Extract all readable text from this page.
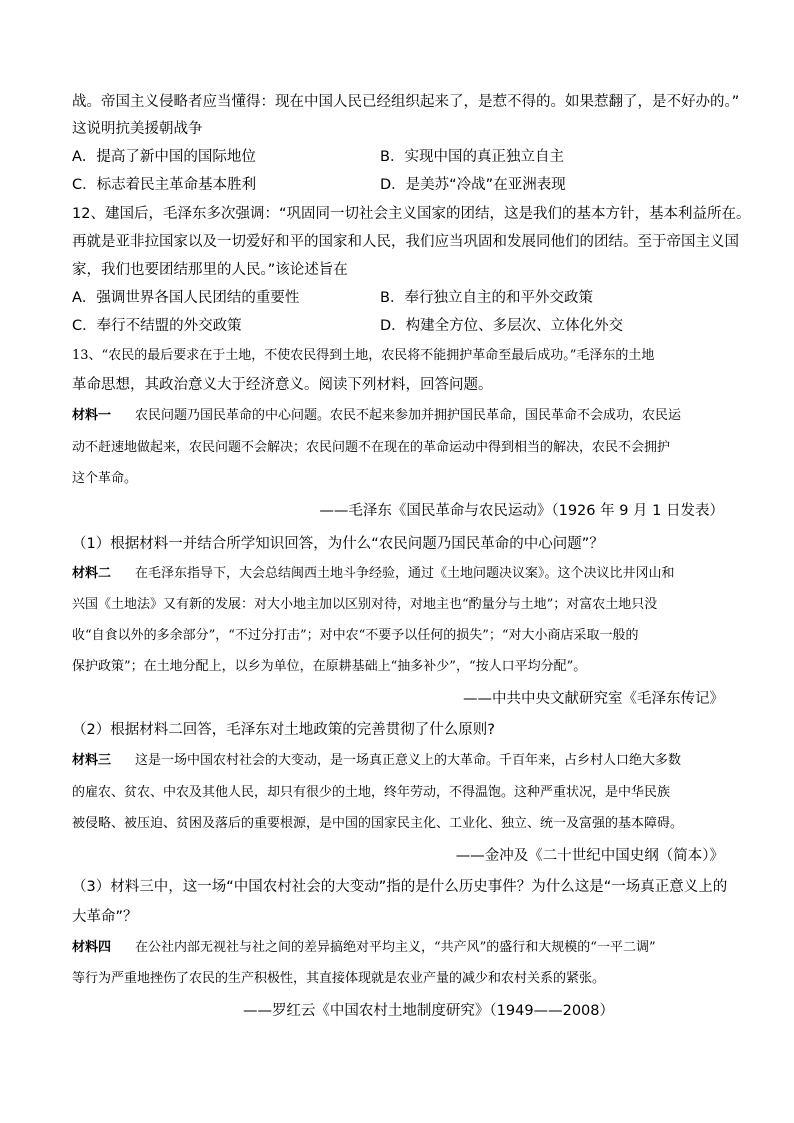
战。帝国主义侵略者应当懂得：现在中国人民已经组织起来了，是惹不得的。如果惹翻了，是不好办的。”
这说明抗美援朝战争
A．提高了新中国的国际地位	B．实现中国的真正独立自主
C．标志着民主革命基本胜利	D．是美苏“冷战”在亚洲表现
12、建国后，毛泽东多次强调：“巩固同一切社会主义国家的团结，这是我们的基本方针，基本利益所在。
再就是亚非拉国家以及一切爱好和平的国家和人民，我们应当巩固和发展同他们的团结。至于帝国主义国
家，我们也要团结那里的人民。”该论述旨在
A．强调世界各国人民团结的重要性	B．奉行独立自主的和平外交政策
C．奉行不结盟的外交政策	D．构建全方位、多层次、立体化外交
13、“农民的最后要求在于土地，不使农民得到土地，农民将不能拥护革命至最后成功。”毛泽东的土地
革命思想，其政治意义大于经济意义。阅读下列材料，回答问题。
材料一 农民问题乃国民革命的中心问题。农民不起来参加并拥护国民革命，国民革命不会成功，农民运
动不赶速地做起来，农民问题不会解决；农民问题不在现在的革命运动中得到相当的解决，农民不会拥护
这个革命。
——毛泽东《国民革命与农民运动》（1926 年 9 月 1 日发表）
（1）根据材料一并结合所学知识回答，为什么“农民问题乃国民革命的中心问题”？
材料二 在毛泽东指导下，大会总结闽西土地斗争经验，通过《土地问题决议案》。这个决议比井冈山和
兴国《土地法》又有新的发展：对大小地主加以区别对待，对地主也“酌量分与土地”；对富农土地只没
收“自食以外的多余部分”，“不过分打击”；对中农“不要予以任何的损失”；“对大小商店采取一般的
保护政策”；在土地分配上，以乡为单位，在原耕基础上“抽多补少”，“按人口平均分配”。
——中共中央文献研究室《毛泽东传记》
（2）根据材料二回答，毛泽东对土地政策的完善贯彻了什么原则?
材料三 这是一场中国农村社会的大变动，是一场真正意义上的大革命。千百年来，占乡村人口绝大多数
的雇农、贫农、中农及其他人民，却只有很少的土地，终年劳动，不得温饱。这种严重状况，是中华民族
被侵略、被压迫、贫困及落后的重要根源，是中国的国家民主化、工业化、独立、统一及富强的基本障碍。
——金冲及《二十世纪中国史纲（简本）》
（3）材料三中，这一场“中国农村社会的大变动”指的是什么历史事件？为什么这是“一场真正意义上的
大革命”？
材料四 在公社内部无视社与社之间的差异搞绝对平均主义，“共产风”的盛行和大规模的“一平二调”
等行为严重地挫伤了农民的生产积极性，其直接体现就是农业产量的减少和农村关系的紧张。
——罗红云《中国农村土地制度研究》（1949——2008）
